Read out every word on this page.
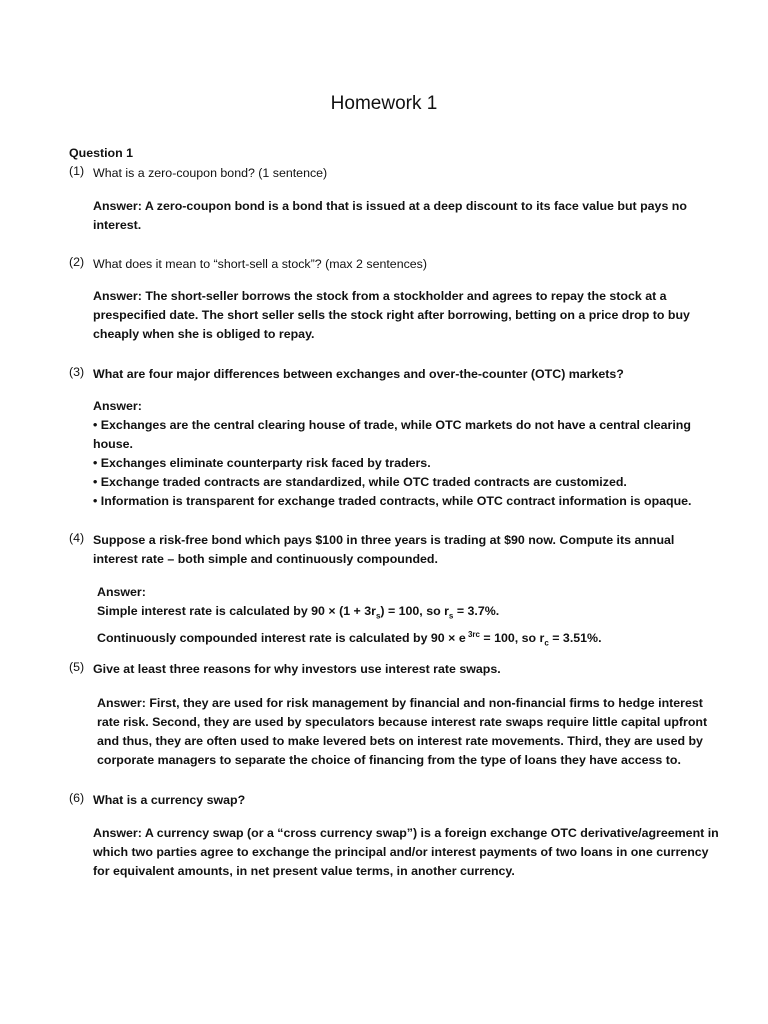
Homework 1
Question 1
(1) What is a zero-coupon bond? (1 sentence)
Answer: A zero-coupon bond is a bond that is issued at a deep discount to its face value but pays no
interest.
(2) What does it mean to “short-sell a stock”? (max 2 sentences)
Answer: The short-seller borrows the stock from a stockholder and agrees to repay the stock at a
prespecified date. The short seller sells the stock right after borrowing, betting on a price drop to buy
cheaply when she is obliged to repay.
(3) What are four major differences between exchanges and over-the-counter (OTC) markets?
Answer:
• Exchanges are the central clearing house of trade, while OTC markets do not have a central clearing
house.
• Exchanges eliminate counterparty risk faced by traders.
• Exchange traded contracts are standardized, while OTC traded contracts are customized.
• Information is transparent for exchange traded contracts, while OTC contract information is opaque.
(4) Suppose a risk-free bond which pays $100 in three years is trading at $90 now. Compute its annual
interest rate – both simple and continuously compounded.
Answer:
Simple interest rate is calculated by $90 \times (1 + 3r_s) = 100$, so $r_s = 3.7\%$.
Continuously compounded interest rate is calculated by 90 × e $^{3rc}$ = 100, so $r_c = 3.51\%$.
(5) Give at least three reasons for why investors use interest rate swaps.
Answer: First, they are used for risk management by financial and non-financial firms to hedge interest
rate risk. Second, they are used by speculators because interest rate swaps require little capital upfront
and thus, they are often used to make levered bets on interest rate movements. Third, they are used by
corporate managers to separate the choice of financing from the type of loans they have access to.
(6) What is a currency swap?
Answer: A currency swap (or a “cross currency swap”) is a foreign exchange OTC derivative/agreement in
which two parties agree to exchange the principal and/or interest payments of two loans in one currency
for equivalent amounts, in net present value terms, in another currency.
